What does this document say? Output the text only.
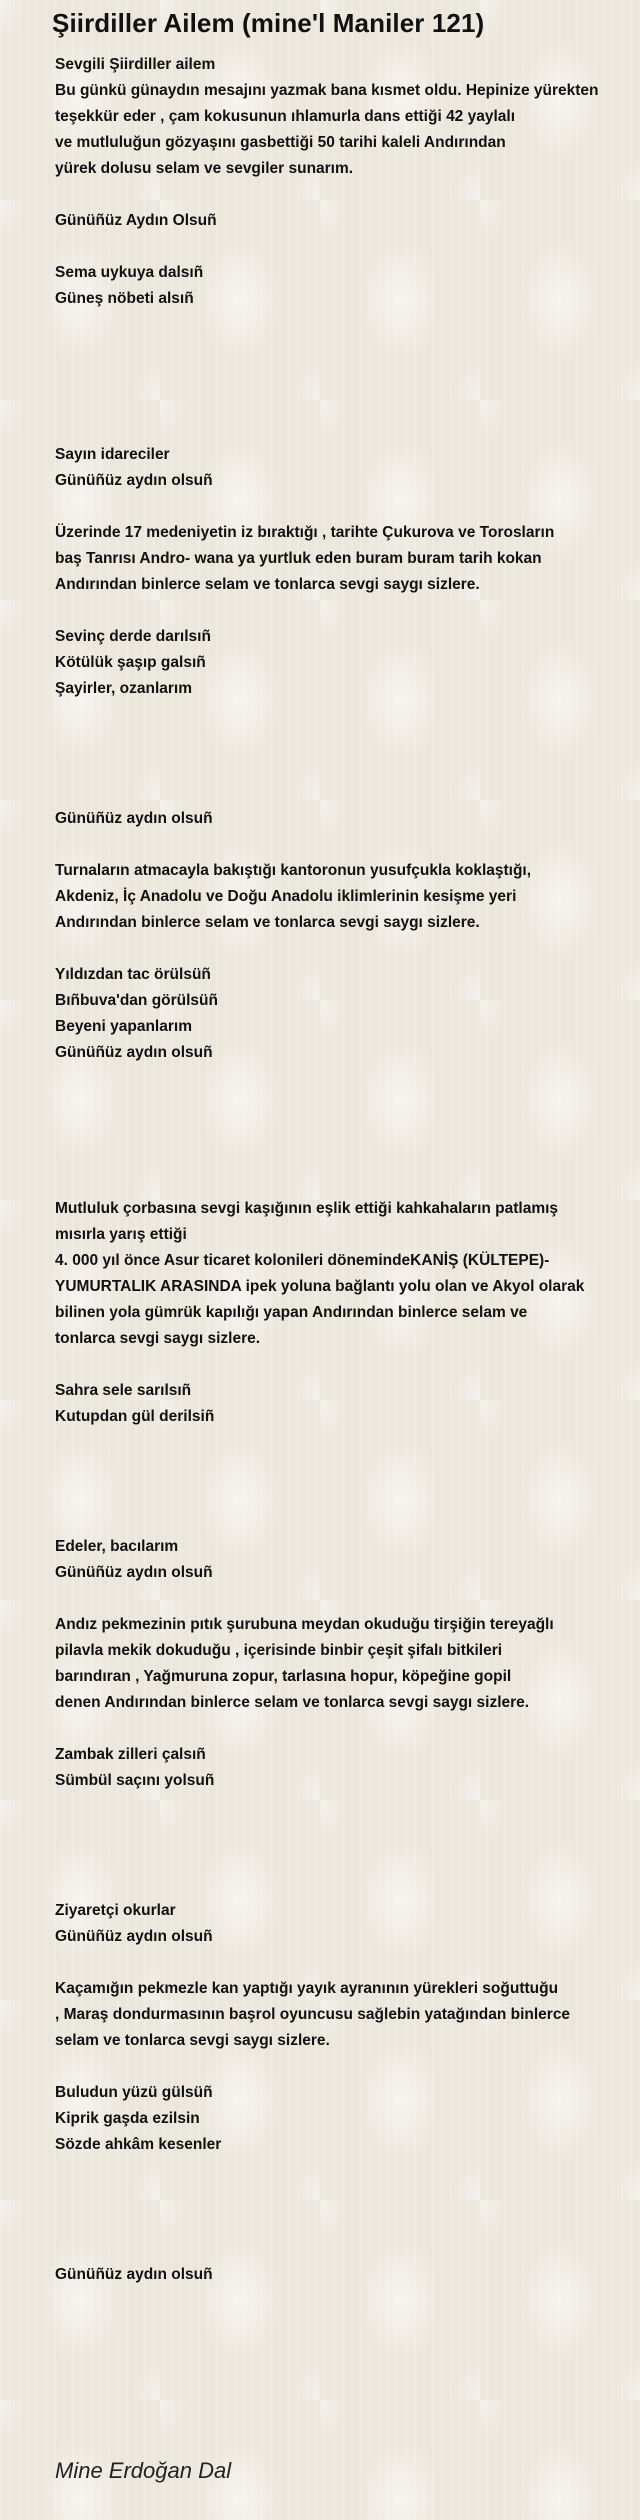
Şiirdiller Ailem (mine'l Maniler 121)
Sevgili Şiirdiller ailem
Bu günkü günaydın mesajını yazmak bana kısmet oldu. Hepinize yürekten
teşekkür eder , çam kokusunun ıhlamurla dans ettiği 42 yaylalı
ve mutluluğun gözyaşını gasbettiği 50 tarihi kaleli Andırından
yürek dolusu selam ve sevgiler sunarım.
Günüñüz Aydın Olsuñ
Sema uykuya dalsıñ
Güneş nöbeti alsıñ
Sayın idareciler
Günüñüz aydın olsuñ
Üzerinde 17 medeniyetin iz bıraktığı , tarihte Çukurova ve Torosların
baş Tanrısı Andro- wana ya yurtluk eden buram buram tarih kokan
Andırından binlerce selam ve tonlarca sevgi saygı sizlere.
Sevinç derde darılsıñ
Kötülük şaşıp galsıñ
Şayirler, ozanlarım
Günüñüz aydın olsuñ
Turnaların atmacayla bakıştığı kantoronun yusufçukla koklaştığı,
Akdeniz, İç Anadolu ve Doğu Anadolu iklimlerinin kesişme yeri
Andırından binlerce selam ve tonlarca sevgi saygı sizlere.
Yıldızdan tac örülsüñ
Bıñbuva'dan görülsüñ
Beyeni yapanlarım
Günüñüz aydın olsuñ
Mutluluk çorbasına sevgi kaşığının eşlik ettiği kahkahaların patlamış
mısırla yarış ettiği
4. 000 yıl önce Asur ticaret kolonileri dönemindeKANİŞ (KÜLTEPE)-
YUMURTALIK ARASINDA ipek yoluna bağlantı yolu olan ve Akyol olarak
bilinen yola gümrük kapılığı yapan Andırından binlerce selam ve
tonlarca sevgi saygı sizlere.
Sahra sele sarılsıñ
Kutupdan gül derilsiñ
Edeler, bacılarım
Günüñüz aydın olsuñ
Andız pekmezinin pıtık şurubuna meydan okuduğu tirşiğin tereyağlı
pilavla mekik dokuduğu , içerisinde binbir çeşit şifalı bitkileri
barındıran , Yağmuruna zopur, tarlasına hopur, köpeğine gopil
denen Andırından binlerce selam ve tonlarca sevgi saygı sizlere.
Zambak zilleri çalsıñ
Sümbül saçını yolsuñ
Ziyaretçi okurlar
Günüñüz aydın olsuñ
Kaçamığın pekmezle kan yaptığı yayık ayranının yürekleri soğuttuğu
, Maraş dondurmasının başrol oyuncusu sağlebin yatağından binlerce
selam ve tonlarca sevgi saygı sizlere.
Buludun yüzü gülsüñ
Kiprik gaşda ezilsin
Sözde ahkâm kesenler
Günüñüz aydın olsuñ
Mine Erdoğan Dal
